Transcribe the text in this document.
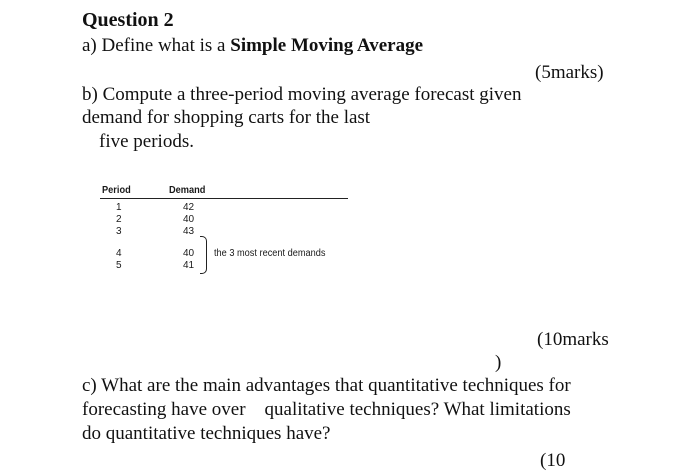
Question 2
a) Define what is a Simple Moving Average
(5marks)
b) Compute a three-period moving average forecast given
demand for shopping carts for the last
five periods.
Period	Demand
1	42
2	40
3	43
4	40
5	41
the 3 most recent demands
(10marks
)
c) What are the main advantages that quantitative techniques for
forecasting have over    qualitative techniques? What limitations
do quantitative techniques have?
(10
